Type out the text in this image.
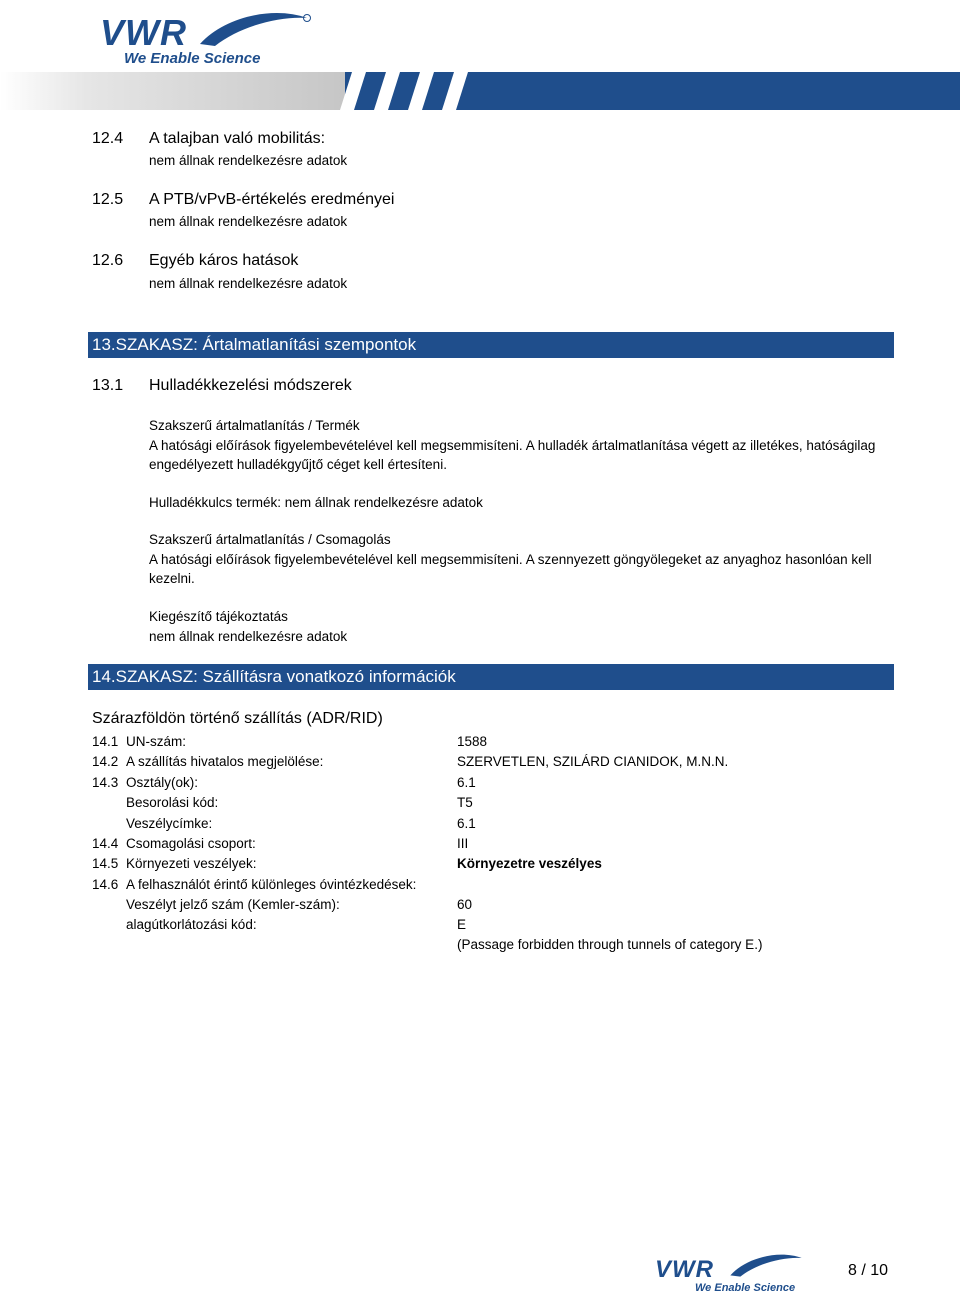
VWR
We Enable Science
12.4 A talajban való mobilitás:
nem állnak rendelkezésre adatok
12.5 A PTB/vPvB-értékelés eredményei
nem állnak rendelkezésre adatok
12.6 Egyéb káros hatások
nem állnak rendelkezésre adatok
13.SZAKASZ: Ártalmatlanítási szempontok
13.1 Hulladékkezelési módszerek
Szakszerű ártalmatlanítás / Termék
A hatósági előírások figyelembevételével kell megsemmisíteni. A hulladék ártalmatlanítása végett az illetékes, hatóságilag
engedélyezett hulladékgyűjtő céget kell értesíteni.
Hulladékkulcs termék: nem állnak rendelkezésre adatok
Szakszerű ártalmatlanítás / Csomagolás
A hatósági előírások figyelembevételével kell megsemmisíteni. A szennyezett göngyölegeket az anyaghoz hasonlóan kell
kezelni.
Kiegészítő tájékoztatás
nem állnak rendelkezésre adatok
14.SZAKASZ: Szállításra vonatkozó információk
Szárazföldön történő szállítás (ADR/RID)
14.1 UN-szám:	1588
14.2 A szállítás hivatalos megjelölése:	SZERVETLEN, SZILÁRD CIANIDOK, M.N.N.
14.3 Osztály(ok):	6.1
Besorolási kód:	T5
Veszélycímke:	6.1
14.4 Csomagolási csoport:	III
14.5 Környezeti veszélyek:	Környezetre veszélyes
14.6 A felhasználót érintő különleges óvintézkedések:
Veszélyt jelző szám (Kemler-szám):	60
alagútkorlátozási kód:	E
(Passage forbidden through tunnels of category E.)
VWR
We Enable Science
8 / 10
